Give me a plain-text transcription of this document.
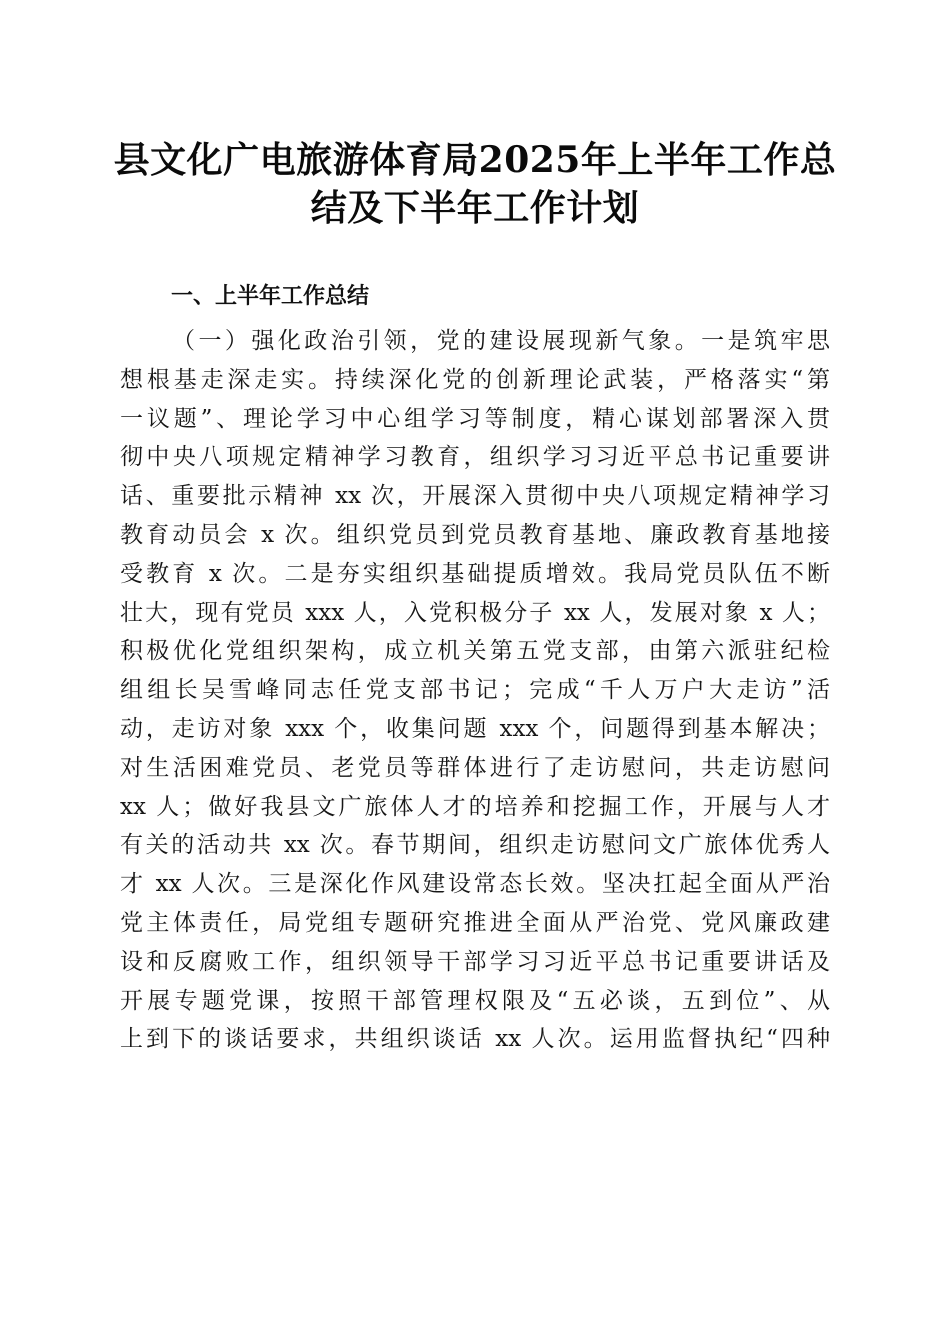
县文化广电旅游体育局2025年上半年工作总
结及下半年工作计划
一、上半年工作总结
（一）强化政治引领，党的建设展现新气象。一是筑牢思
想根基走深走实。持续深化党的创新理论武装，严格落实“第
一议题”、理论学习中心组学习等制度，精心谋划部署深入贯
彻中央八项规定精神学习教育，组织学习习近平总书记重要讲
话、重要批示精神 xx 次，开展深入贯彻中央八项规定精神学习
教育动员会 x 次。组织党员到党员教育基地、廉政教育基地接
受教育 x 次。二是夯实组织基础提质增效。我局党员队伍不断
壮大，现有党员 xxx 人，入党积极分子 xx 人，发展对象 x 人；
积极优化党组织架构，成立机关第五党支部，由第六派驻纪检
组组长吴雪峰同志任党支部书记；完成“千人万户大走访”活
动，走访对象 xxx 个，收集问题 xxx 个，问题得到基本解决；
对生活困难党员、老党员等群体进行了走访慰问，共走访慰问
xx 人；做好我县文广旅体人才的培养和挖掘工作，开展与人才
有关的活动共 xx 次。春节期间，组织走访慰问文广旅体优秀人
才 xx 人次。三是深化作风建设常态长效。坚决扛起全面从严治
党主体责任，局党组专题研究推进全面从严治党、党风廉政建
设和反腐败工作，组织领导干部学习习近平总书记重要讲话及
开展专题党课，按照干部管理权限及“五必谈，五到位”、从
上到下的谈话要求，共组织谈话 xx 人次。运用监督执纪“四种
